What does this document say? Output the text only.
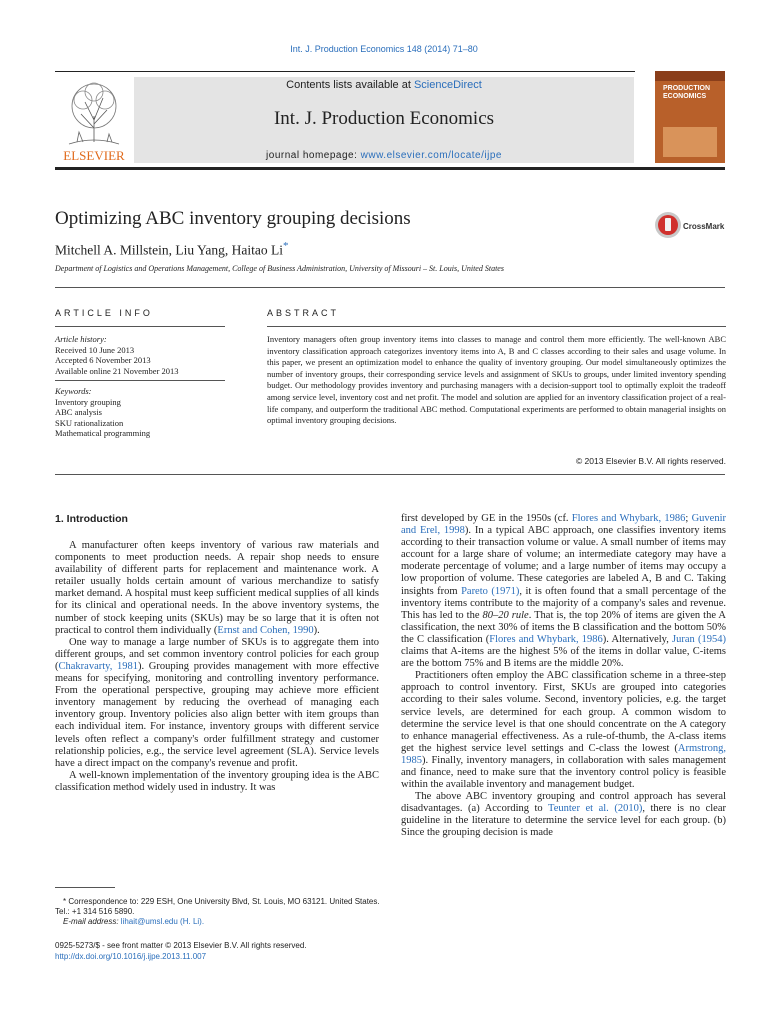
Int. J. Production Economics 148 (2014) 71–80
ELSEVIER
Contents lists available at ScienceDirect
Int. J. Production Economics
journal homepage: www.elsevier.com/locate/ijpe
PRODUCTION ECONOMICS
Optimizing ABC inventory grouping decisions	CrossMark
Mitchell A. Millstein, Liu Yang, Haitao Li*
Department of Logistics and Operations Management, College of Business Administration, University of Missouri – St. Louis, United States
ARTICLE INFO	ABSTRACT
Article history:
Received 10 June 2013
Accepted 6 November 2013
Available online 21 November 2013
Keywords:
Inventory grouping
ABC analysis
SKU rationalization
Mathematical programming
Inventory managers often group inventory items into classes to manage and control them more efficiently. The well-known ABC inventory classification approach categorizes inventory items into A, B and C classes according to their sales and usage volume. In this paper, we present an optimization model to enhance the quality of inventory grouping. Our model simultaneously optimizes the number of inventory groups, their corresponding service levels and assignment of SKUs to groups, under limited inventory spending budget. Our methodology provides inventory and purchasing managers with a decision-support tool to optimally exploit the tradeoff among service level, inventory cost and net profit. The model and solution are applied for an inventory classification project of a real-life company, and outperform the traditional ABC method. Computational experiments are performed to obtain managerial insights on optimal inventory grouping decisions.
© 2013 Elsevier B.V. All rights reserved.
1. Introduction

A manufacturer often keeps inventory of various raw materials and components to meet production needs. A repair shop needs to ensure availability of different parts for replacement and maintenance work. A retailer usually holds certain amount of various merchandize to satisfy market demand. A hospital must keep sufficient medical supplies of all kinds for its clinical and operational needs. In the above inventory systems, the number of stock keeping units (SKUs) may be so large that it is often not practical to control them individually (Ernst and Cohen, 1990).

One way to manage a large number of SKUs is to aggregate them into different groups, and set common inventory control policies for each group (Chakravarty, 1981). Grouping provides management with more effective means for specifying, monitoring and controlling inventory performance. From the operational perspective, grouping may achieve more efficient inventory management by reducing the overhead of managing each inventory group. Inventory policies also align better with item groups than each individual item. For instance, inventory groups with different service levels often reflect a company's order fulfillment strategy and customer relationship policies, e.g., the service level agreement (SLA). Service levels have a direct impact on the company's revenue and profit.

A well-known implementation of the inventory grouping idea is the ABC classification method widely used in industry. It was

first developed by GE in the 1950s (cf. Flores and Whybark, 1986; Guvenir and Erel, 1998). In a typical ABC approach, one classifies inventory items according to their transaction volume or value. A small number of items may account for a large share of volume; an intermediate category may have a moderate percentage of volume; and a large number of items may occupy a low proportion of volume. These categories are labeled A, B and C. Taking insights from Pareto (1971), it is often found that a small percentage of the inventory items contribute to the majority of a company's sales and revenue. This has led to the 80–20 rule. That is, the top 20% of items are given the A classification, the next 30% of items the B classification and the bottom 50% the C classification (Flores and Whybark, 1986). Alternatively, Juran (1954) claims that A-items are the highest 5% of the items in dollar value, C-items are the bottom 75% and B items are the middle 20%.

Practitioners often employ the ABC classification scheme in a three-step approach to control inventory. First, SKUs are grouped into categories according to their sales volume. Second, inventory policies, e.g. the target service levels, are determined for each group. A common wisdom to determine the service level is that one should concentrate on the A category to enhance managerial effectiveness. As a rule-of-thumb, the A-class items get the highest service level settings and C-class the lowest (Armstrong, 1985). Finally, inventory managers, in collaboration with sales management and finance, need to make sure that the inventory control policy is feasible within the available inventory and management budget.

The above ABC inventory grouping and control approach has several disadvantages. (a) According to Teunter et al. (2010), there is no clear guideline in the literature to determine the service level for each group. (b) Since the grouping decision is made

* Correspondence to: 229 ESH, One University Blvd, St. Louis, MO 63121. United States. Tel.: +1 314 516 5890.
E-mail address: lihait@umsl.edu (H. Li).
0925-5273/$ - see front matter © 2013 Elsevier B.V. All rights reserved.
http://dx.doi.org/10.1016/j.ijpe.2013.11.007
